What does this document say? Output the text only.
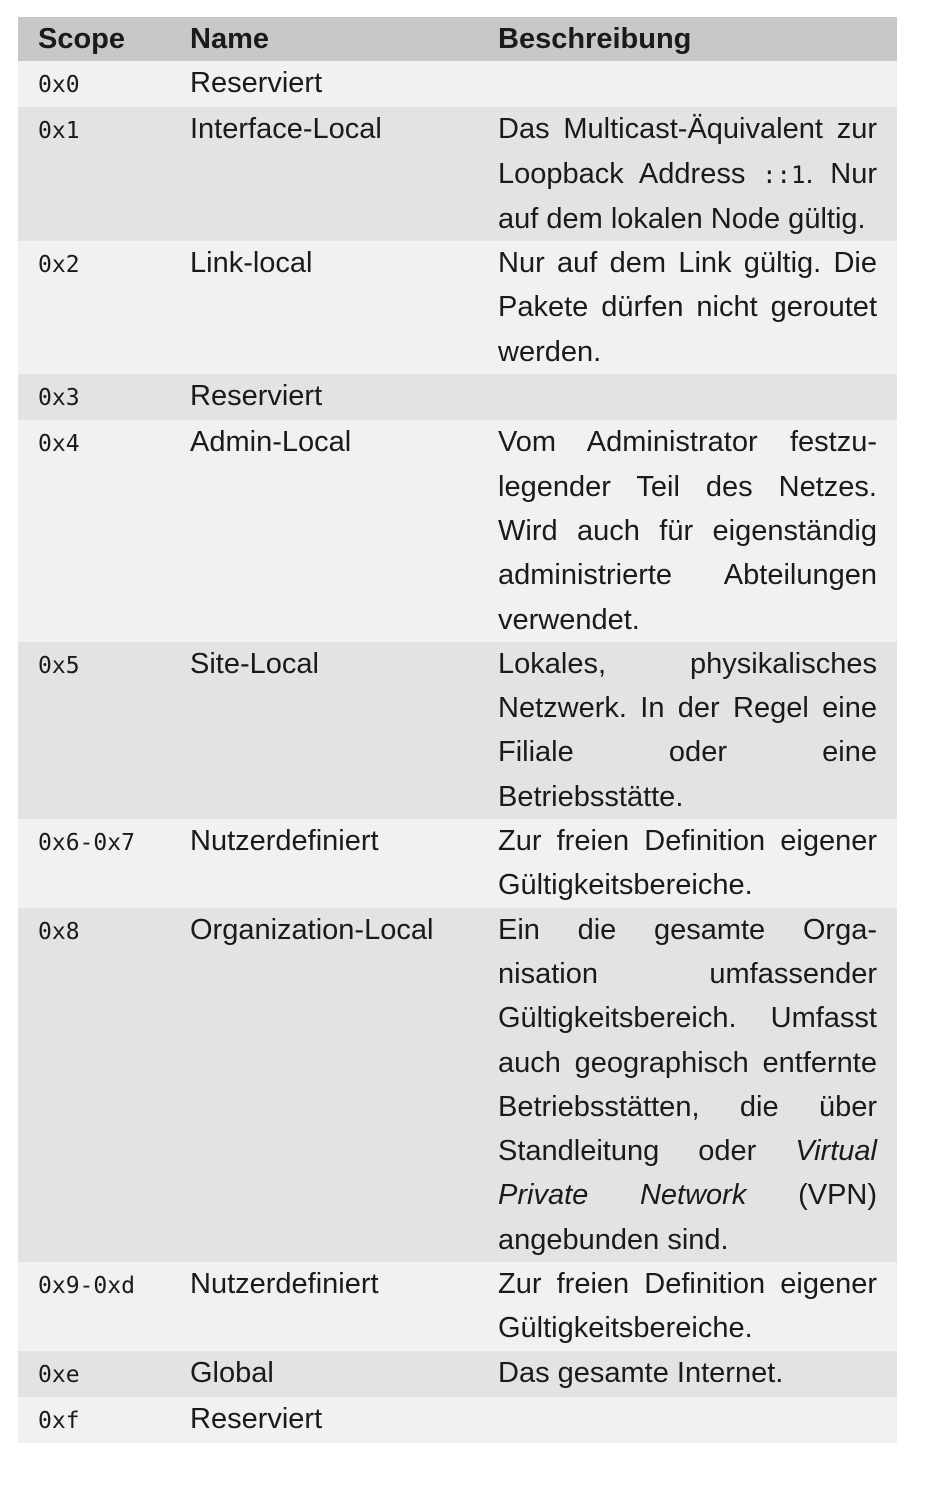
Scope	Name	Beschreibung
0x0	Reserviert	
0x1	Interface-Local	Das Multicast-Äquivalent zur Loopback Address ::1. Nur auf dem lokalen Node gültig.
0x2	Link-local	Nur auf dem Link gültig. Die Pakete dürfen nicht geroutet werden.
0x3	Reserviert	
0x4	Admin-Local	Vom Administrator festzulegender Teil des Netzes. Wird auch für eigenständig administrierte Abteilungen verwendet.
0x5	Site-Local	Lokales, physikalisches Netzwerk. In der Regel eine Filiale oder eine Betriebsstätte.
0x6-0x7	Nutzerdefiniert	Zur freien Definition eigener Gültigkeitsbereiche.
0x8	Organization-Local	Ein die gesamte Organisation umfassender Gültigkeitsbereich. Umfasst auch geographisch entfernte Betriebsstätten, die über Standleitung oder Virtual Private Network (VPN) angebunden sind.
0x9-0xd	Nutzerdefiniert	Zur freien Definition eigener Gültigkeitsbereiche.
0xe	Global	Das gesamte Internet.
0xf	Reserviert	
